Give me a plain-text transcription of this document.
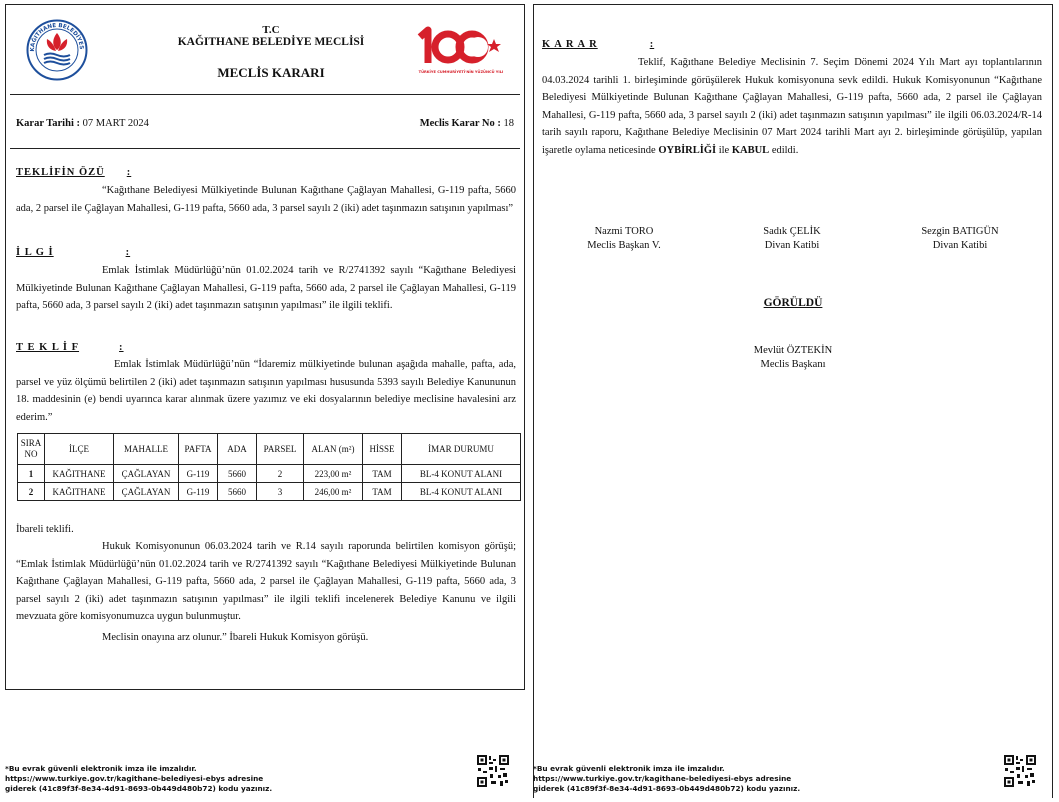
KAĞITHANE BELEDİYES
T.C
KAĞITHANE BELEDİYE MECLİSİ
MECLİS KARARI	TÜRKİYE CUMHURİYETİ'NİN YÜZÜNCÜ YILI
Karar Tarihi : 07 MART 2024	Meclis Karar No : 18
TEKLİFİN ÖZÜ :
“Kağıthane Belediyesi Mülkiyetinde Bulunan Kağıthane Çağlayan Mahallesi, G-119 pafta, 5660 ada, 2 parsel ile Çağlayan Mahallesi, G-119 pafta, 5660 ada, 3 parsel sayılı 2 (iki) adet taşınmazın satışının yapılması”
İ L G İ	:
Emlak İstimlak Müdürlüğü’nün 01.02.2024 tarih ve R/2741392 sayılı “Kağıthane Belediyesi Mülkiyetinde Bulunan Kağıthane Çağlayan Mahallesi, G-119 pafta, 5660 ada, 2 parsel ile Çağlayan Mahallesi, G-119 pafta, 5660 ada, 3 parsel sayılı 2 (iki) adet taşınmazın satışının yapılması” ile ilgili teklifi.
T E K L İ F	:
Emlak İstimlak Müdürlüğü’nün “İdaremiz mülkiyetinde bulunan aşağıda mahalle, pafta, ada, parsel ve yüz ölçümü belirtilen 2 (iki) adet taşınmazın satışının yapılması hususunda 5393 sayılı Belediye Kanununun 18. maddesinin (e) bendi uyarınca karar alınmak üzere yazımız ve eki dosyalarının belediye meclisine havalesini arz ederim.”
SIRA NO	İLÇE	MAHALLE	PAFTA	ADA	PARSEL	ALAN (m²)	HİSSE	İMAR DURUMU
1	KAĞITHANE	ÇAĞLAYAN	G-119	5660	2	223,00 m²	TAM	BL-4 KONUT ALANI
2	KAĞITHANE	ÇAĞLAYAN	G-119	5660	3	246,00 m²	TAM	BL-4 KONUT ALANI
İbareli teklifi.
Hukuk Komisyonunun 06.03.2024 tarih ve R.14 sayılı raporunda belirtilen komisyon görüşü; “Emlak İstimlak Müdürlüğü’nün 01.02.2024 tarih ve R/2741392 sayılı “Kağıthane Belediyesi Mülkiyetinde Bulunan Kağıthane Çağlayan Mahallesi, G-119 pafta, 5660 ada, 2 parsel ile Çağlayan Mahallesi, G-119 pafta, 5660 ada, 3 parsel sayılı 2 (iki) adet taşınmazın satışının yapılması” ile ilgili teklifi incelenerek Belediye Kanunu ve ilgili mevzuata göre komisyonumuzca uygun bulunmuştur.
Meclisin onayına arz olunur.” İbareli Hukuk Komisyon görüşü.
*Bu evrak güvenli elektronik imza ile imzalıdır.
https://www.turkiye.gov.tr/kagithane-belediyesi-ebys adresine
giderek (41c89f3f-8e34-4d91-8693-0b449d480b72) kodu yazınız.
K A R A R	:
Teklif, Kağıthane Belediye Meclisinin 7. Seçim Dönemi 2024 Yılı Mart ayı toplantılarının 04.03.2024 tarihli 1. birleşiminde görüşülerek Hukuk komisyonuna sevk edildi. Hukuk Komisyonunun “Kağıthane Belediyesi Mülkiyetinde Bulunan Kağıthane Çağlayan Mahallesi, G-119 pafta, 5660 ada, 2 parsel ile Çağlayan Mahallesi, G-119 pafta, 5660 ada, 3 parsel sayılı 2 (iki) adet taşınmazın satışının yapılması” ile ilgili 06.03.2024/R-14 tarih sayılı raporu, Kağıthane Belediye Meclisinin 07 Mart 2024 tarihli Mart ayı 2. birleşiminde görüşülüp, yapılan işaretle oylama neticesinde OYBİRLİĞİ ile KABUL edildi.
Nazmi TORO
Meclis Başkan V.
Sadık ÇELİK
Divan Katibi
Sezgin BATIGÜN
Divan Katibi
GÖRÜLDÜ
Mevlüt ÖZTEKİN
Meclis Başkanı
*Bu evrak güvenli elektronik imza ile imzalıdır.
https://www.turkiye.gov.tr/kagithane-belediyesi-ebys adresine
giderek (41c89f3f-8e34-4d91-8693-0b449d480b72) kodu yazınız.
